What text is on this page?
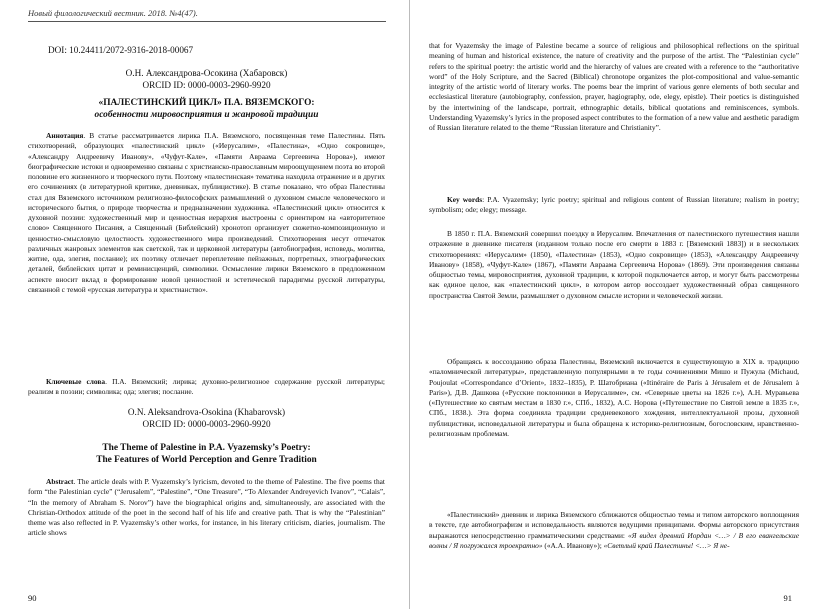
Новый филологический вестник. 2018. №4(47).
DOI: 10.24411/2072-9316-2018-00067
О.Н. Александрова-Осокина (Хабаровск)
ORCID ID: 0000-0003-2960-9920
«ПАЛЕСТИНСКИЙ ЦИКЛ» П.А. ВЯЗЕМСКОГО:
особенности мировосприятия и жанровой традиции
Аннотация. В статье рассматривается лирика П.А. Вяземского, посвященная теме Палестины. Пять стихотворений, образующих «палестинский цикл» («Иерусалим», «Палестина», «Одно сокровище», «Александру Андреевичу Иванову», «Чуфут-Кале», «Памяти Авраама Сергеевича Норова»), имеют биографические истоки и одновременно связаны с христианско-православным мироощущением поэта во второй половине его жизненного и творческого пути. Поэтому «палестинская» тематика находила отражение и в других его сочинениях (в литературной критике, дневниках, публицистике). В статье показано, что образ Палестины стал для Вяземского источником религиозно-философских размышлений о духовном смысле человеческого и исторического бытия, о природе творчества и предназначении художника. «Палестинский цикл» относится к духовной поэзии: художественный мир и ценностная иерархия выстроены с ориентиром на «авторитетное слово» Священного Писания, а Священный (Библейский) хронотоп организует сюжетно-композиционную и ценностно-смысловую целостность художественного мира произведений. Стихотворения несут отпечаток различных жанровых элементов как светской, так и церковной литературы (автобиография, исповедь, молитва, житие, ода, элегия, послание); их поэтику отличает переплетение пейзажных, портретных, этнографических деталей, библейских цитат и реминисценций, символики. Осмысление лирики Вяземского в предложенном аспекте вносит вклад в формирование новой ценностной и эстетической парадигмы русской литературы, связанной с темой «русская литература и христианство».
Ключевые слова. П.А. Вяземский; лирика; духовно-религиозное содержание русской литературы; реализм в поэзии; символика; ода; элегия; послание.
O.N. Aleksandrova-Osokina (Khabarovsk)
ORCID ID: 0000-0003-2960-9920
The Theme of Palestine in P.A. Vyazemsky’s Poetry:
The Features of World Perception and Genre Tradition
Abstract. The article deals with P. Vyazemsky’s lyricism, devoted to the theme of Palestine. The five poems that form “the Palestinian cycle” (“Jerusalem”, “Palestine”, “One Treasure”, “To Alexander Andreyevich Ivanov”, “Calais”, “In the memory of Abraham S. Norov”) have the biographical origins and, simultaneously, are associated with the Christian-Orthodox attitude of the poet in the second half of his life and creative path. That is why the “Palestinian” theme was also reflected in P. Vyazemsky’s other works, for instance, in his literary criticism, diaries, journalism. The article shows
90
that for Vyazemsky the image of Palestine became a source of religious and philosophical reflections on the spiritual meaning of human and historical existence, the nature of creativity and the purpose of the artist. The “Palestinian cycle” refers to the spiritual poetry: the artistic world and the hierarchy of values are created with a reference to the “authoritative word” of the Holy Scripture, and the Sacred (Biblical) chronotope organizes the plot-compositional and value-semantic integrity of the artistic world of literary works. The poems bear the imprint of various genre elements of both secular and ecclesiastical literature (autobiography, confession, prayer, hagiography, ode, elegy, epistle). Their poetics is distinguished by the intertwining of the landscape, portrait, ethnographic details, biblical quotations and reminiscences, symbols. Understanding Vyazemsky’s lyrics in the proposed aspect contributes to the formation of a new value and aesthetic paradigm of Russian literature related to the theme “Russian literature and Christianity”.
Key words: P.A. Vyazemsky; lyric poetry; spiritual and religious content of Russian literature; realism in poetry; symbolism; ode; elegy; message.
В 1850 г. П.А. Вяземский совершил поездку в Иерусалим. Впечатления от палестинского путешествия нашли отражение в дневнике писателя (изданном только после его смерти в 1883 г. [Вяземский 1883]) и в нескольких стихотворениях: «Иерусалим» (1850), «Палестина» (1853), «Одно сокровище» (1853), «Александру Андреевичу Иванову» (1858), «Чуфут-Кале» (1867), «Памяти Авраама Сергеевича Норова» (1869). Эти произведения связаны общностью темы, мировосприятия, духовной традиции, к которой подключается автор, и могут быть рассмотрены как единое целое, как «палестинский цикл», в котором автор воссоздает художественный образ священного пространства Святой Земли, размышляет о духовном смысле истории и человеческой жизни.
Обращаясь к воссозданию образа Палестины, Вяземский включается в существующую в XIX в. традицию «паломнической литературы», представленную популярными в те годы сочинениями Мишо и Пужула (Michaud, Poujoulat «Correspondance d’Orient», 1832–1835), Р. Шатобриана («Itinéraire de Paris à Jérusalem et de Jérusalem à Paris»), Д.В. Дашкова («Русские поклонники в Иерусалиме», см. «Северные цветы на 1826 г.»), А.Н. Муравьева («Путешествие ко святым местам в 1830 г.», СПб., 1832), А.С. Норова («Путешествие по Святой земле в 1835 г.», СПб., 1838.). Эта форма соединяла традиции средневекового хождения, интеллектуальной прозы, духовной публицистики, исповедальной литературы и была обращена к историко-религиозным, богословским, нравственно-религиозным проблемам.
«Палестинский» дневник и лирика Вяземского сближаются общностью темы и типом авторского воплощения в тексте, где автобиографизм и исповедальность являются ведущими принципами. Формы авторского присутствия выражаются непосредственно грамматическими средствами: «Я видел древний Иордан <…> / В его евангельские волны / Я погружался троекратно» («А.А. Иванову»); «Светлый край Палестины! <…> Я не-
91
